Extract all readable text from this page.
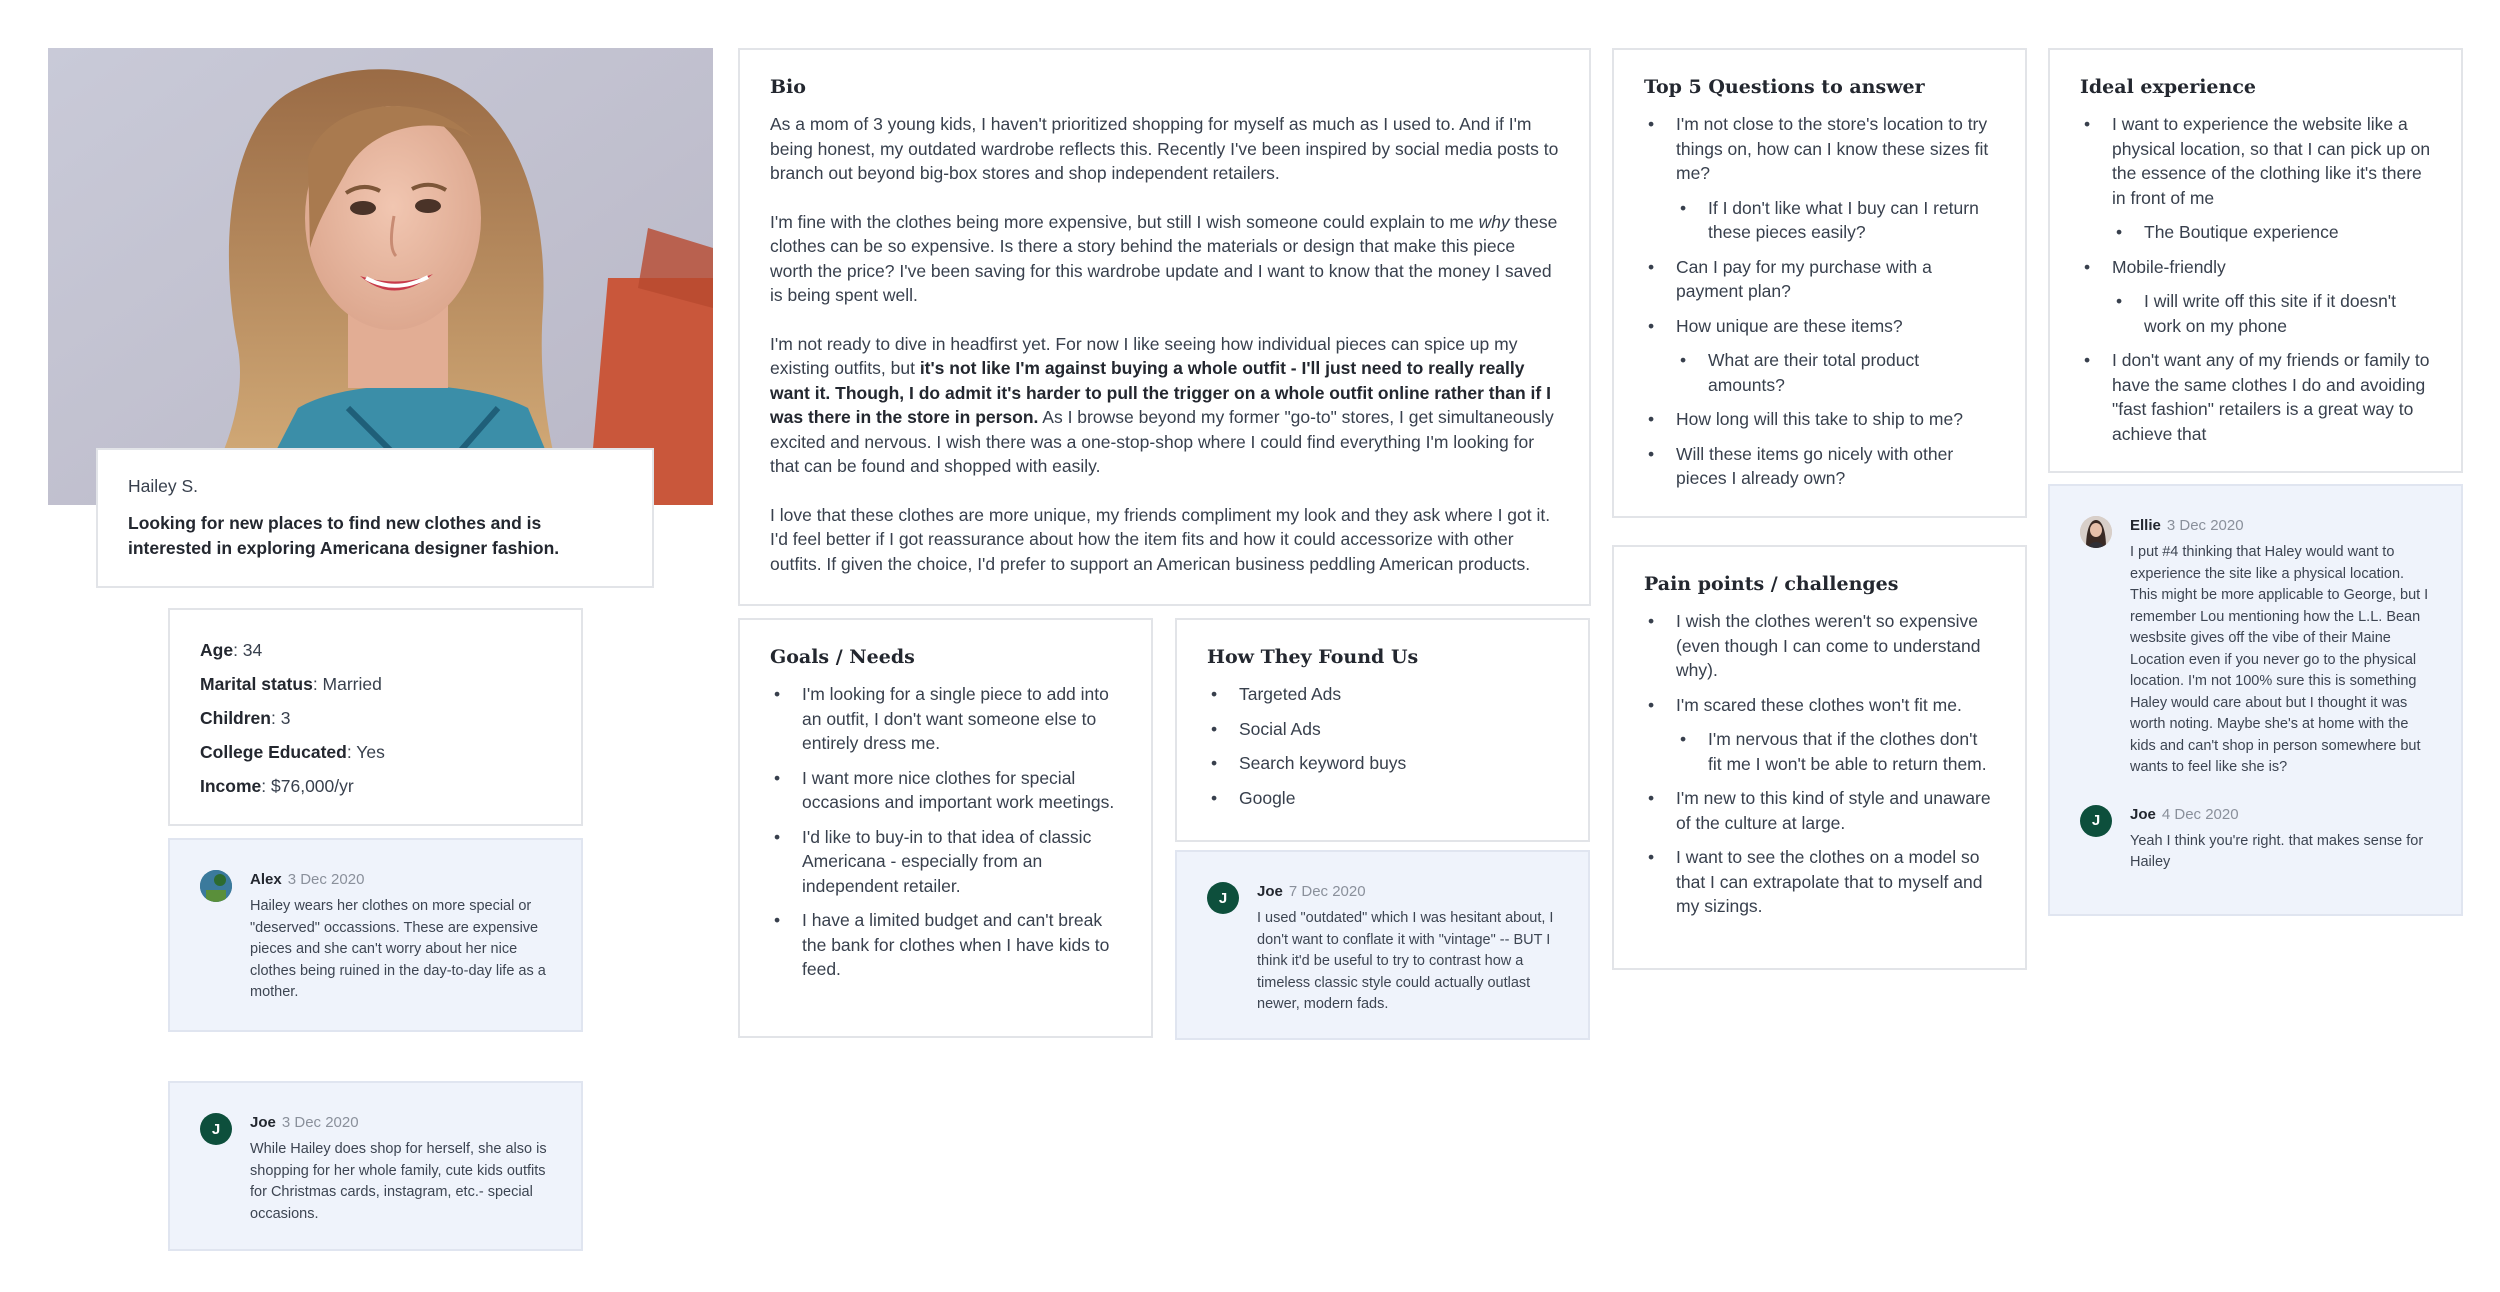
Hailey S.
Looking for new places to find new clothes and is interested in exploring Americana designer fashion.
Age: 34
Marital status: Married
Children: 3
College Educated: Yes
Income: $76,000/yr
Alex 3 Dec 2020
Hailey wears her clothes on more special or "deserved" occassions. These are expensive pieces and she can't worry about her nice clothes being ruined in the day-to-day life as a mother.
J	Joe 3 Dec 2020
While Hailey does shop for herself, she also is shopping for her whole family, cute kids outfits for Christmas cards, instagram, etc.- special occasions.
Bio

As a mom of 3 young kids, I haven't prioritized shopping for myself as much as I used to. And if I'm being honest, my outdated wardrobe reflects this. Recently I've been inspired by social media posts to branch out beyond big-box stores and shop independent retailers.

I'm fine with the clothes being more expensive, but still I wish someone could explain to me why these clothes can be so expensive. Is there a story behind the materials or design that make this piece worth the price? I've been saving for this wardrobe update and I want to know that the money I saved is being spent well.

I'm not ready to dive in headfirst yet. For now I like seeing how individual pieces can spice up my existing outfits, but it's not like I'm against buying a whole outfit - I'll just need to really really want it. Though, I do admit it's harder to pull the trigger on a whole outfit online rather than if I was there in the store in person. As I browse beyond my former "go-to" stores, I get simultaneously excited and nervous. I wish there was a one-stop-shop where I could find everything I'm looking for that can be found and shopped with easily.

I love that these clothes are more unique, my friends compliment my look and they ask where I got it. I'd feel better if I got reassurance about how the item fits and how it could accessorize with other outfits. If given the choice, I'd prefer to support an American business peddling American products.

Goals / Needs
• I'm looking for a single piece to add into an outfit, I don't want someone else to entirely dress me.
• I want more nice clothes for special occasions and important work meetings.
• I'd like to buy-in to that idea of classic Americana - especially from an independent retailer.
• I have a limited budget and can't break the bank for clothes when I have kids to feed.
How They Found Us
• Targeted Ads
• Social Ads
• Search keyword buys
• Google
J	Joe 7 Dec 2020
I used "outdated" which I was hesitant about, I don't want to conflate it with "vintage" -- BUT I think it'd be useful to try to contrast how a timeless classic style could actually outlast newer, modern fads.
Top 5 Questions to answer
• I'm not close to the store's location to try things on, how can I know these sizes fit me?
• If I don't like what I buy can I return these pieces easily?
• Can I pay for my purchase with a payment plan?
• How unique are these items?
• What are their total product amounts?
• How long will this take to ship to me?
• Will these items go nicely with other pieces I already own?
Pain points / challenges
• I wish the clothes weren't so expensive (even though I can come to understand why).
• I'm scared these clothes won't fit me.
• I'm nervous that if the clothes don't fit me I won't be able to return them.
• I'm new to this kind of style and unaware of the culture at large.
• I want to see the clothes on a model so that I can extrapolate that to myself and my sizings.
Ideal experience
• I want to experience the website like a physical location, so that I can pick up on the essence of the clothing like it's there in front of me
• The Boutique experience
• Mobile-friendly
• I will write off this site if it doesn't work on my phone
• I don't want any of my friends or family to have the same clothes I do and avoiding "fast fashion" retailers is a great way to achieve that
Ellie 3 Dec 2020
I put #4 thinking that Haley would want to experience the site like a physical location. This might be more applicable to George, but I remember Lou mentioning how the L.L. Bean wesbsite gives off the vibe of their Maine Location even if you never go to the physical location. I'm not 100% sure this is something Haley would care about but I thought it was worth noting. Maybe she's at home with the kids and can't shop in person somewhere but wants to feel like she is?
J	Joe 4 Dec 2020
Yeah I think you're right. that makes sense for Hailey
